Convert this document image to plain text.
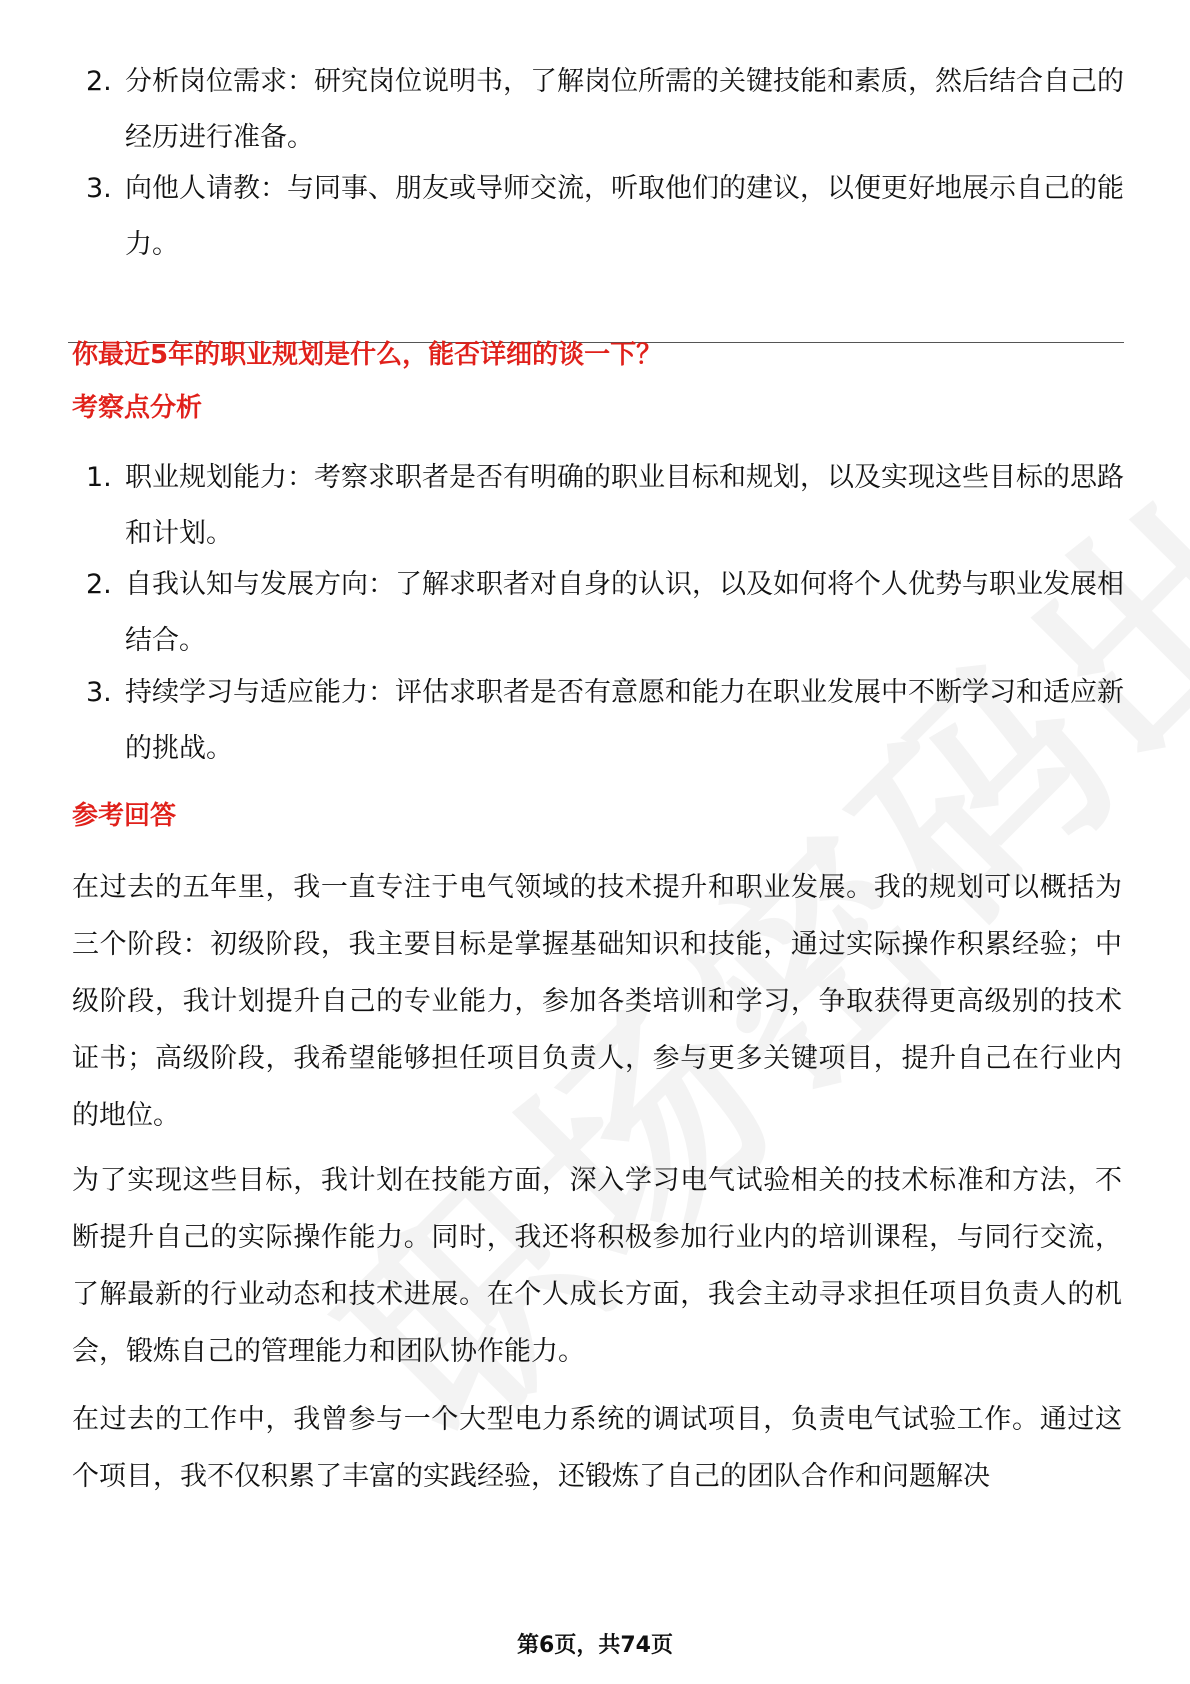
2. 分析岗位需求：研究岗位说明书，了解岗位所需的关键技能和素质，然后结合自己的经历进行准备。
3. 向他人请教：与同事、朋友或导师交流，听取他们的建议，以便更好地展示自己的能力。
你最近5年的职业规划是什么，能否详细的谈一下？
考察点分析
1. 职业规划能力：考察求职者是否有明确的职业目标和规划，以及实现这些目标的思路和计划。
2. 自我认知与发展方向：了解求职者对自身的认识，以及如何将个人优势与职业发展相结合。
3. 持续学习与适应能力：评估求职者是否有意愿和能力在职业发展中不断学习和适应新的挑战。
参考回答
在过去的五年里，我一直专注于电气领域的技术提升和职业发展。我的规划可以概括为三个阶段：初级阶段，我主要目标是掌握基础知识和技能，通过实际操作积累经验；中级阶段，我计划提升自己的专业能力，参加各类培训和学习，争取获得更高级别的技术证书；高级阶段，我希望能够担任项目负责人，参与更多关键项目，提升自己在行业内的地位。
为了实现这些目标，我计划在技能方面，深入学习电气试验相关的技术标准和方法，不断提升自己的实际操作能力。同时，我还将积极参加行业内的培训课程，与同行交流，了解最新的行业动态和技术进展。在个人成长方面，我会主动寻求担任项目负责人的机会，锻炼自己的管理能力和团队协作能力。
在过去的工作中，我曾参与一个大型电力系统的调试项目，负责电气试验工作。通过这个项目，我不仅积累了丰富的实践经验，还锻炼了自己的团队合作和问题解决
第6页，共74页
